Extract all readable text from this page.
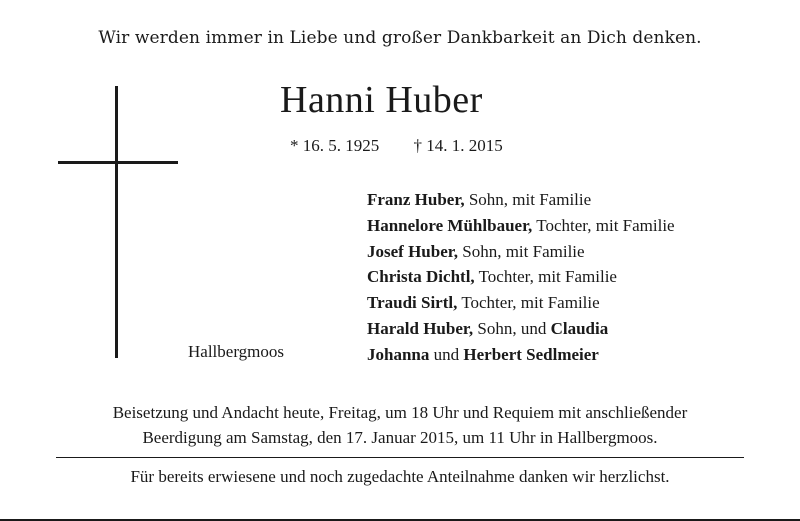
Wir werden immer in Liebe und großer Dankbarkeit an Dich denken.
Hanni Huber
* 16. 5. 1925 † 14. 1. 2015
Franz Huber, Sohn, mit Familie
Hannelore Mühlbauer, Tochter, mit Familie
Josef Huber, Sohn, mit Familie
Christa Dichtl, Tochter, mit Familie
Traudi Sirtl, Tochter, mit Familie
Harald Huber, Sohn, und Claudia
Johanna und Herbert Sedlmeier
Hallbergmoos
Beisetzung und Andacht heute, Freitag, um 18 Uhr und Requiem mit anschließender
Beerdigung am Samstag, den 17. Januar 2015, um 11 Uhr in Hallbergmoos.
Für bereits erwiesene und noch zugedachte Anteilnahme danken wir herzlichst.
